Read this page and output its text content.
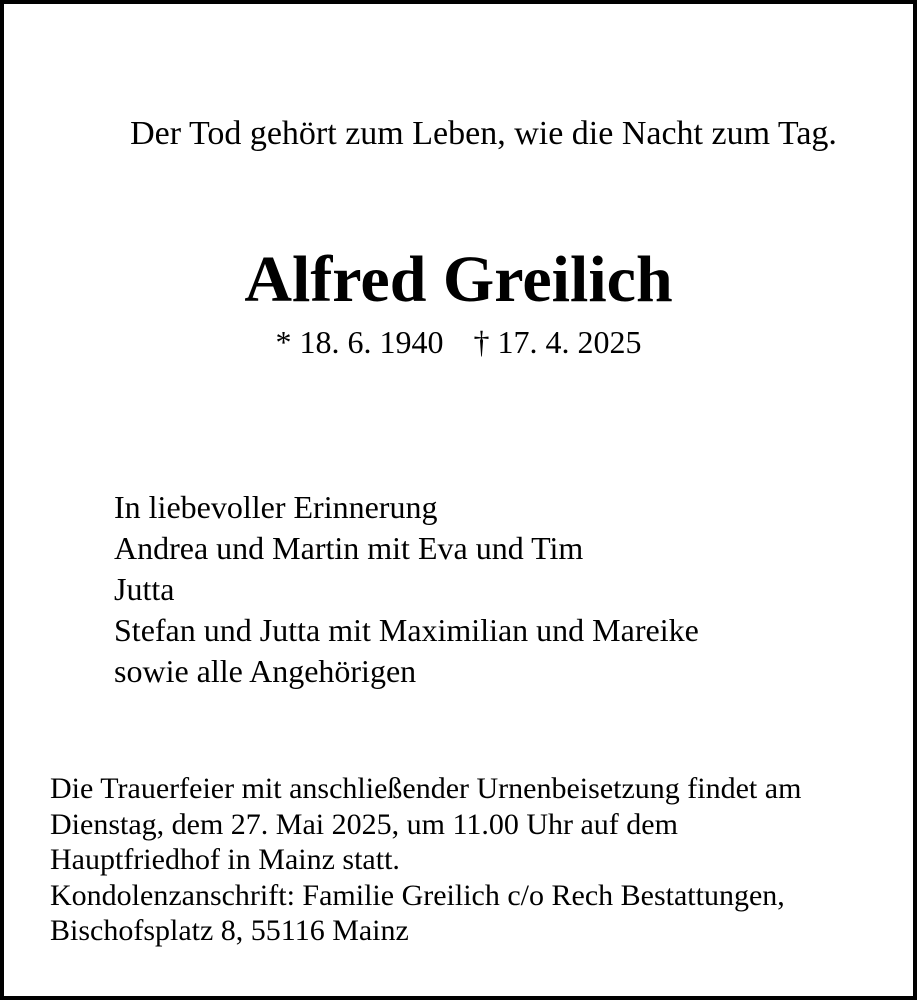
Der Tod gehört zum Leben, wie die Nacht zum Tag.
Alfred Greilich
* 18. 6. 1940 † 17. 4. 2025
In liebevoller Erinnerung
Andrea und Martin mit Eva und Tim
Jutta
Stefan und Jutta mit Maximilian und Mareike
sowie alle Angehörigen
Die Trauerfeier mit anschließender Urnenbeisetzung findet am
Dienstag, dem 27. Mai 2025, um 11.00 Uhr auf dem
Hauptfriedhof in Mainz statt.
Kondolenzanschrift: Familie Greilich c/o Rech Bestattungen,
Bischofsplatz 8, 55116 Mainz
